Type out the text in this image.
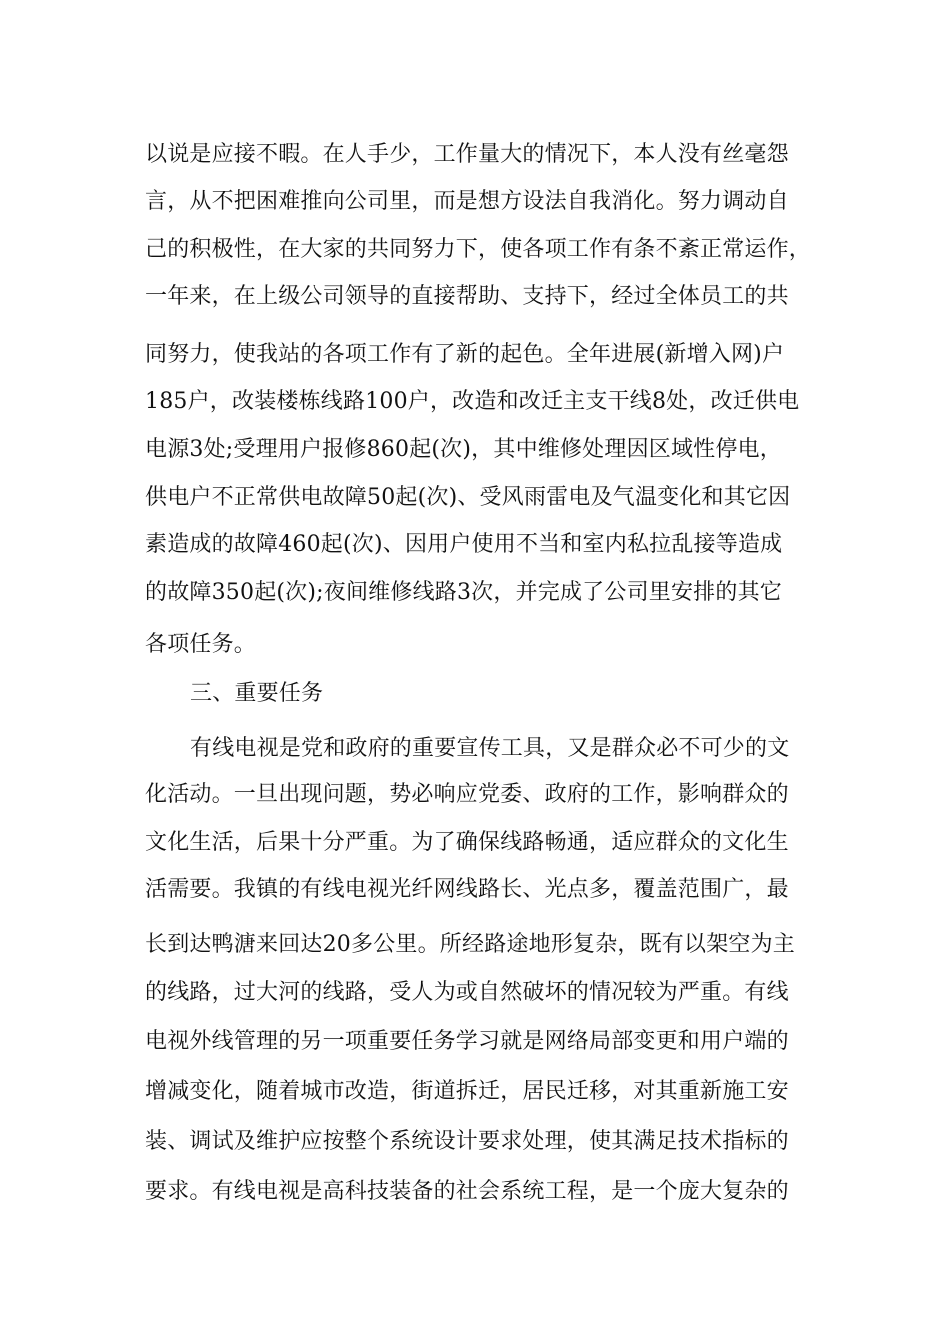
以说是应接不暇。在人手少，工作量大的情况下，本人没有丝毫怨
言，从不把困难推向公司里，而是想方设法自我消化。努力调动自
己的积极性，在大家的共同努力下，使各项工作有条不紊正常运作，
一年来，在上级公司领导的直接帮助、支持下，经过全体员工的共
同努力，使我站的各项工作有了新的起色。全年进展(新增入网)户
185户，改装楼栋线路100户，改造和改迁主支干线8处，改迁供电
电源3处;受理用户报修860起(次)，其中维修处理因区域性停电，
供电户不正常供电故障50起(次)、受风雨雷电及气温变化和其它因
素造成的故障460起(次)、因用户使用不当和室内私拉乱接等造成
的故障350起(次);夜间维修线路3次，并完成了公司里安排的其它
各项任务。
三、重要任务
有线电视是党和政府的重要宣传工具，又是群众必不可少的文
化活动。一旦出现问题，势必响应党委、政府的工作，影响群众的
文化生活，后果十分严重。为了确保线路畅通，适应群众的文化生
活需要。我镇的有线电视光纤网线路长、光点多，覆盖范围广，最
长到达鸭溏来回达20多公里。所经路途地形复杂，既有以架空为主
的线路，过大河的线路，受人为或自然破坏的情况较为严重。有线
电视外线管理的另一项重要任务学习就是网络局部变更和用户端的
增减变化，随着城市改造，街道拆迁，居民迁移，对其重新施工安
装、调试及维护应按整个系统设计要求处理，使其满足技术指标的
要求。有线电视是高科技装备的社会系统工程，是一个庞大复杂的
